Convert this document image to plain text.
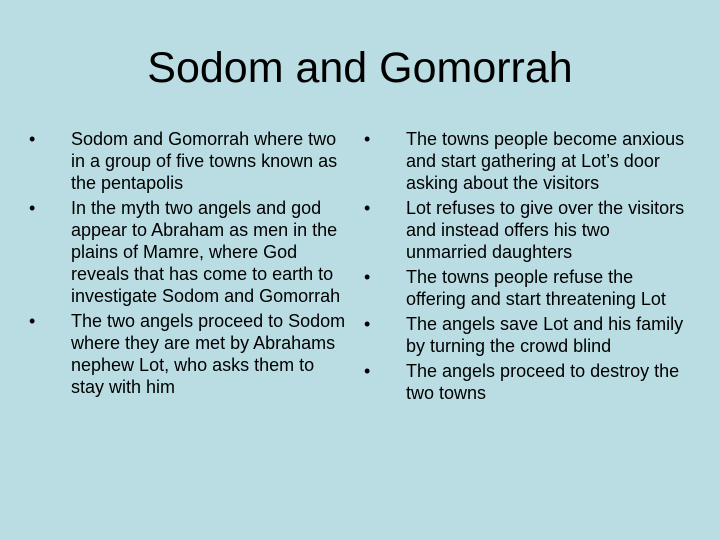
Sodom and Gomorrah
•	Sodom and Gomorrah where two in a group of five towns known as the pentapolis
•	In the myth two angels and god appear to Abraham as men in the plains of Mamre, where God reveals that has come to earth to investigate Sodom and Gomorrah
•	The two angels proceed to Sodom where they are met by Abrahams nephew Lot, who asks them to stay with him
•	The towns people become anxious and start gathering at Lot’s door asking about the visitors
•	Lot refuses to give over the visitors and instead offers his two unmarried daughters
•	The towns people refuse the offering and start threatening Lot
•	The angels save Lot and his family by turning the crowd blind
•	The angels proceed to destroy the two towns
